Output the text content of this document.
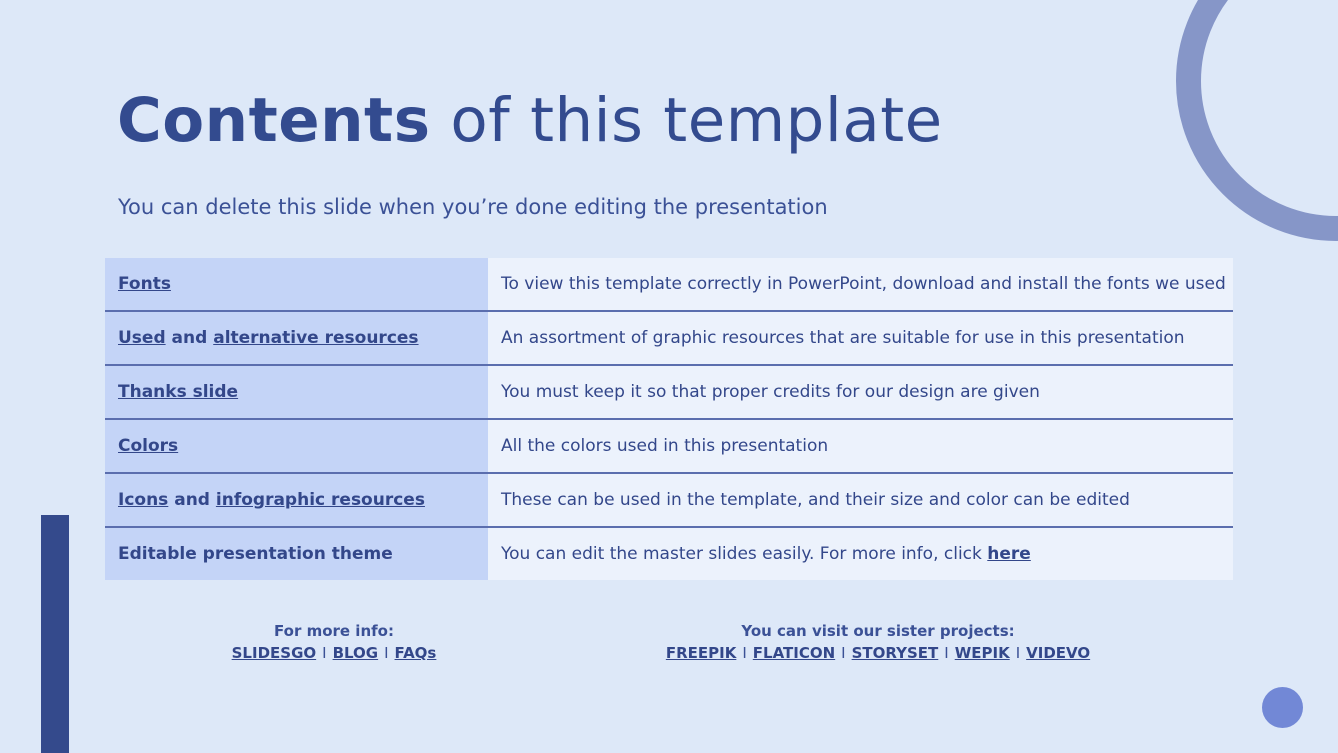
Contents of this template

You can delete this slide when you’re done editing the presentation

Fonts	To view this template correctly in PowerPoint, download and install the fonts we used
Used and alternative resources	An assortment of graphic resources that are suitable for use in this presentation
Thanks slide	You must keep it so that proper credits for our design are given
Colors	All the colors used in this presentation
Icons and infographic resources	These can be used in the template, and their size and color can be edited
Editable presentation theme	You can edit the master slides easily. For more info, click here
For more info:
SLIDESGO I BLOG I FAQs
You can visit our sister projects:
FREEPIK I FLATICON I STORYSET I WEPIK I VIDEVO
